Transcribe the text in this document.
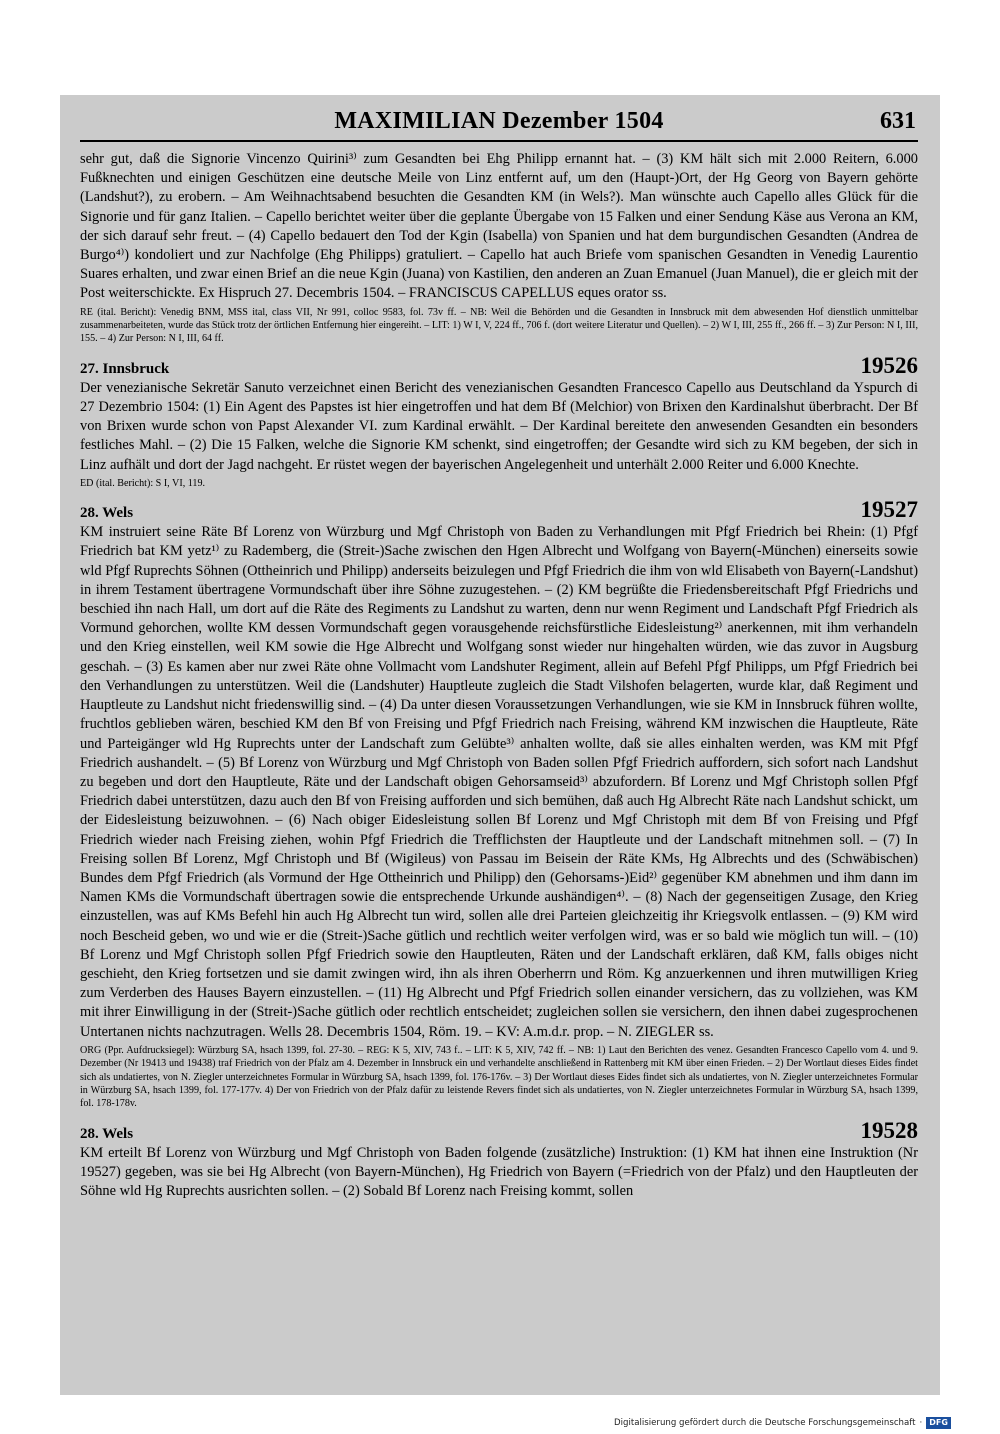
MAXIMILIAN Dezember 1504	631

sehr gut, daß die Signorie Vincenzo Quirini³⁾ zum Gesandten bei Ehg Philipp ernannt hat. – (3) KM hält sich mit 2.000 Reitern, 6.000 Fußknechten und einigen Geschützen eine deutsche Meile von Linz entfernt auf, um den (Haupt-)Ort, der Hg Georg von Bayern gehörte (Landshut?), zu erobern. – Am Weihnachtsabend besuchten die Gesandten KM (in Wels?). Man wünschte auch Capello alles Glück für die Signorie und für ganz Italien. – Capello berichtet weiter über die geplante Übergabe von 15 Falken und einer Sendung Käse aus Verona an KM, der sich darauf sehr freut. – (4) Capello bedauert den Tod der Kgin (Isabella) von Spanien und hat dem burgundischen Gesandten (Andrea de Burgo⁴⁾) kondoliert und zur Nachfolge (Ehg Philipps) gratuliert. – Capello hat auch Briefe vom spanischen Gesandten in Venedig Laurentio Suares erhalten, und zwar einen Brief an die neue Kgin (Juana) von Kastilien, den anderen an Zuan Emanuel (Juan Manuel), die er gleich mit der Post weiterschickte. Ex Hispruch 27. Decembris 1504. – FRANCISCUS CAPELLUS eques orator ss.

RE (ital. Bericht): Venedig BNM, MSS ital, class VII, Nr 991, colloc 9583, fol. 73v ff. – NB: Weil die Behörden und die Gesandten in Innsbruck mit dem abwesenden Hof dienstlich unmittelbar zusammenarbeiteten, wurde das Stück trotz der örtlichen Entfernung hier eingereiht. – LIT: 1) W I, V, 224 ff., 706 f. (dort weitere Literatur und Quellen). – 2) W I, III, 255 ff., 266 ff. – 3) Zur Person: N I, III, 155. – 4) Zur Person: N I, III, 64 ff.

27. Innsbruck	19526

Der venezianische Sekretär Sanuto verzeichnet einen Bericht des venezianischen Gesandten Francesco Capello aus Deutschland da Yspurch di 27 Dezembrio 1504: (1) Ein Agent des Papstes ist hier eingetroffen und hat dem Bf (Melchior) von Brixen den Kardinalshut überbracht. Der Bf von Brixen wurde schon von Papst Alexander VI. zum Kardinal erwählt. – Der Kardinal bereitete den anwesenden Gesandten ein besonders festliches Mahl. – (2) Die 15 Falken, welche die Signorie KM schenkt, sind eingetroffen; der Gesandte wird sich zu KM begeben, der sich in Linz aufhält und dort der Jagd nachgeht. Er rüstet wegen der bayerischen Angelegenheit und unterhält 2.000 Reiter und 6.000 Knechte.

ED (ital. Bericht): S I, VI, 119.

28. Wels	19527

KM instruiert seine Räte Bf Lorenz von Würzburg und Mgf Christoph von Baden zu Verhandlungen mit Pfgf Friedrich bei Rhein: (1) Pfgf Friedrich bat KM yetz¹⁾ zu Rademberg, die (Streit-)Sache zwischen den Hgen Albrecht und Wolfgang von Bayern(-München) einerseits sowie wld Pfgf Ruprechts Söhnen (Ottheinrich und Philipp) anderseits beizulegen und Pfgf Friedrich die ihm von wld Elisabeth von Bayern(-Landshut) in ihrem Testament übertragene Vormundschaft über ihre Söhne zuzugestehen. – (2) KM begrüßte die Friedensbereitschaft Pfgf Friedrichs und beschied ihn nach Hall, um dort auf die Räte des Regiments zu Landshut zu warten, denn nur wenn Regiment und Landschaft Pfgf Friedrich als Vormund gehorchen, wollte KM dessen Vormundschaft gegen vorausgehende reichsfürstliche Eidesleistung²⁾ anerkennen, mit ihm verhandeln und den Krieg einstellen, weil KM sowie die Hge Albrecht und Wolfgang sonst wieder nur hingehalten würden, wie das zuvor in Augsburg geschah. – (3) Es kamen aber nur zwei Räte ohne Vollmacht vom Landshuter Regiment, allein auf Befehl Pfgf Philipps, um Pfgf Friedrich bei den Verhandlungen zu unterstützen. Weil die (Landshuter) Hauptleute zugleich die Stadt Vilshofen belagerten, wurde klar, daß Regiment und Hauptleute zu Landshut nicht friedenswillig sind. – (4) Da unter diesen Voraussetzungen Verhandlungen, wie sie KM in Innsbruck führen wollte, fruchtlos geblieben wären, beschied KM den Bf von Freising und Pfgf Friedrich nach Freising, während KM inzwischen die Hauptleute, Räte und Parteigänger wld Hg Ruprechts unter der Landschaft zum Gelübte³⁾ anhalten wollte, daß sie alles einhalten werden, was KM mit Pfgf Friedrich aushandelt. – (5) Bf Lorenz von Würzburg und Mgf Christoph von Baden sollen Pfgf Friedrich auffordern, sich sofort nach Landshut zu begeben und dort den Hauptleute, Räte und der Landschaft obigen Gehorsamseid³⁾ abzufordern. Bf Lorenz und Mgf Christoph sollen Pfgf Friedrich dabei unterstützen, dazu auch den Bf von Freising aufforden und sich bemühen, daß auch Hg Albrecht Räte nach Landshut schickt, um der Eidesleistung beizuwohnen. – (6) Nach obiger Eidesleistung sollen Bf Lorenz und Mgf Christoph mit dem Bf von Freising und Pfgf Friedrich wieder nach Freising ziehen, wohin Pfgf Friedrich die Trefflichsten der Hauptleute und der Landschaft mitnehmen soll. – (7) In Freising sollen Bf Lorenz, Mgf Christoph und Bf (Wigileus) von Passau im Beisein der Räte KMs, Hg Albrechts und des (Schwäbischen) Bundes dem Pfgf Friedrich (als Vormund der Hge Ottheinrich und Philipp) den (Gehorsams-)Eid²⁾ gegenüber KM abnehmen und ihm dann im Namen KMs die Vormundschaft übertragen sowie die entsprechende Urkunde aushändigen⁴⁾. – (8) Nach der gegenseitigen Zusage, den Krieg einzustellen, was auf KMs Befehl hin auch Hg Albrecht tun wird, sollen alle drei Parteien gleichzeitig ihr Kriegsvolk entlassen. – (9) KM wird noch Bescheid geben, wo und wie er die (Streit-)Sache gütlich und rechtlich weiter verfolgen wird, was er so bald wie möglich tun will. – (10) Bf Lorenz und Mgf Christoph sollen Pfgf Friedrich sowie den Hauptleuten, Räten und der Landschaft erklären, daß KM, falls obiges nicht geschieht, den Krieg fortsetzen und sie damit zwingen wird, ihn als ihren Oberherrn und Röm. Kg anzuerkennen und ihren mutwilligen Krieg zum Verderben des Hauses Bayern einzustellen. – (11) Hg Albrecht und Pfgf Friedrich sollen einander versichern, das zu vollziehen, was KM mit ihrer Einwilligung in der (Streit-)Sache gütlich oder rechtlich entscheidet; zugleichen sollen sie versichern, den ihnen dabei zugesprochenen Untertanen nichts nachzutragen. Wells 28. Decembris 1504, Röm. 19. – KV: A.m.d.r. prop. – N. ZIEGLER ss.

ORG (Ppr. Aufdrucksiegel): Würzburg SA, hsach 1399, fol. 27-30. – REG: K 5, XIV, 743 f.. – LIT: K 5, XIV, 742 ff. – NB: 1) Laut den Berichten des venez. Gesandten Francesco Capello vom 4. und 9. Dezember (Nr 19413 und 19438) traf Friedrich von der Pfalz am 4. Dezember in Innsbruck ein und verhandelte anschließend in Rattenberg mit KM über einen Frieden. – 2) Der Wortlaut dieses Eides findet sich als undatiertes, von N. Ziegler unterzeichnetes Formular in Würzburg SA, hsach 1399, fol. 176-176v. – 3) Der Wortlaut dieses Eides findet sich als undatiertes, von N. Ziegler unterzeichnetes Formular in Würzburg SA, hsach 1399, fol. 177-177v. 4) Der von Friedrich von der Pfalz dafür zu leistende Revers findet sich als undatiertes, von N. Ziegler unterzeichnetes Formular in Würzburg SA, hsach 1399, fol. 178-178v.

28. Wels	19528

KM erteilt Bf Lorenz von Würzburg und Mgf Christoph von Baden folgende (zusätzliche) Instruktion: (1) KM hat ihnen eine Instruktion (Nr 19527) gegeben, was sie bei Hg Albrecht (von Bayern-München), Hg Friedrich von Bayern (=Friedrich von der Pfalz) und den Hauptleuten der Söhne wld Hg Ruprechts ausrichten sollen. – (2) Sobald Bf Lorenz nach Freising kommt, sollen

Digitalisierung gefördert durch die Deutsche Forschungsgemeinschaft · DFG
